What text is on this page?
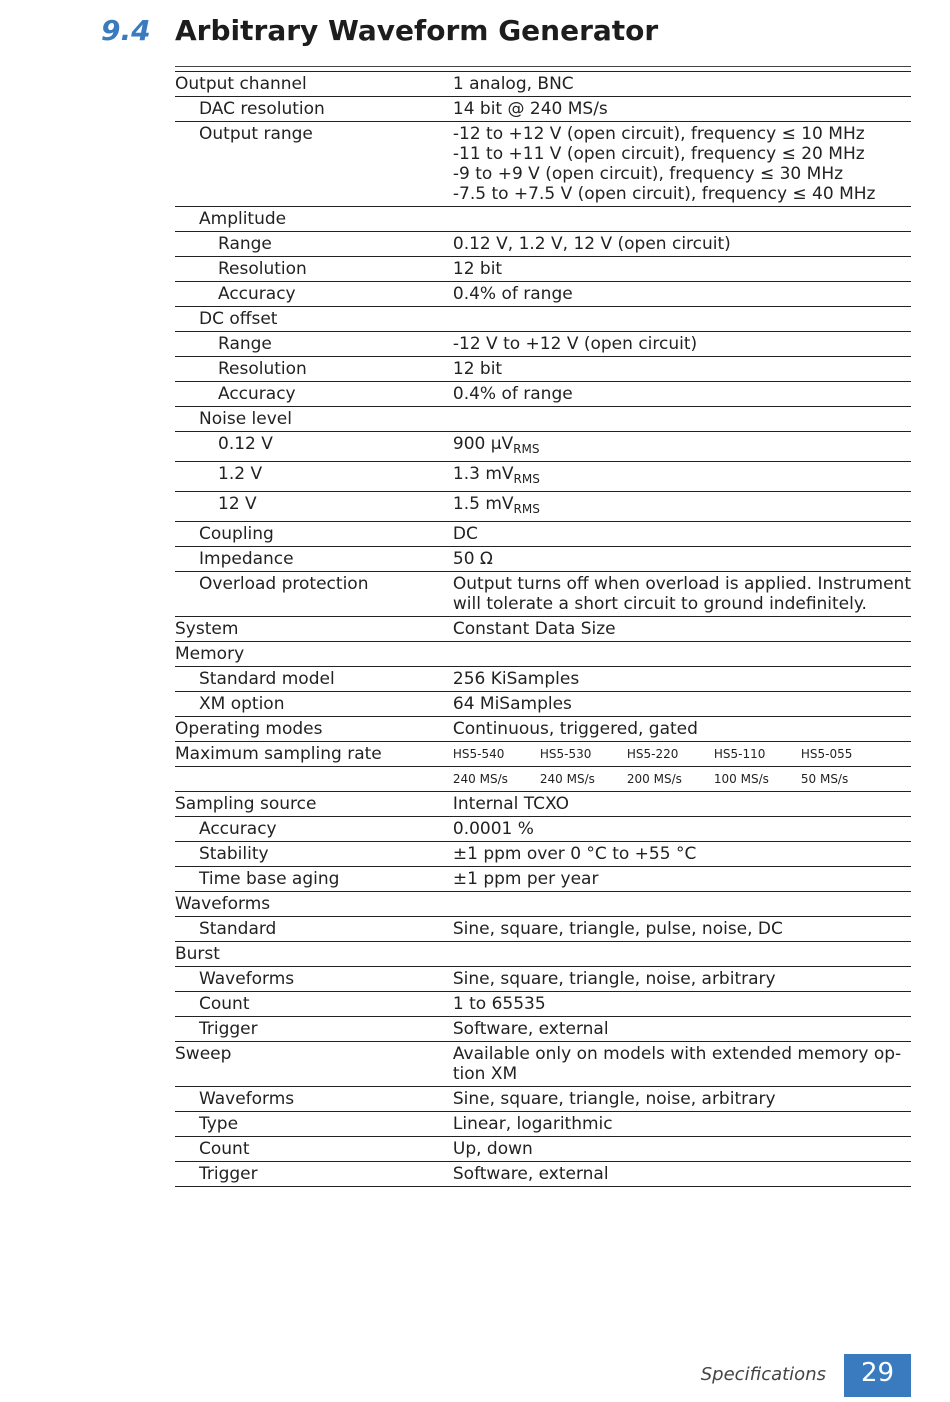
9.4 Arbitrary Waveform Generator
Output channel	1 analog, BNC
DAC resolution	14 bit @ 240 MS/s
Output range	-12 to +12 V (open circuit), frequency ≤ 10 MHz
-11 to +11 V (open circuit), frequency ≤ 20 MHz
-9 to +9 V (open circuit), frequency ≤ 30 MHz
-7.5 to +7.5 V (open circuit), frequency ≤ 40 MHz

Amplitude	
Range	0.12 V, 1.2 V, 12 V (open circuit)
Resolution	12 bit
Accuracy	0.4% of range
DC offset	
Range	-12 V to +12 V (open circuit)
Resolution	12 bit
Accuracy	0.4% of range
Noise level	
0.12 V	900 $\mu V_{RMS}$
1.2 V	1.3 $mV_{RMS}$
12 V	1.5 $mV_{RMS}$
Coupling	DC
Impedance	50 Ω
Overload protection	Output turns off when overload is applied. Instrument
will tolerate a short circuit to ground indefinitely.

System	Constant Data Size
Memory	
Standard model	256 KiSamples
XM option	64 MiSamples
Operating modes	Continuous, triggered, gated
Maximum sampling rate	HS5-540 HS5-530 HS5-220 HS5-110 HS5-055

	240 MS/s 240 MS/s 200 MS/s 100 MS/s 50 MS/s

Sampling source	Internal TCXO
Accuracy	0.0001 %
Stability	±1 ppm over 0 °C to +55 °C
Time base aging	±1 ppm per year
Waveforms	
Standard	Sine, square, triangle, pulse, noise, DC
Burst	
Waveforms	Sine, square, triangle, noise, arbitrary
Count	1 to 65535
Trigger	Software, external
Sweep	Available only on models with extended memory op-
tion XM

Waveforms	Sine, square, triangle, noise, arbitrary
Type	Linear, logarithmic
Count	Up, down
Trigger	Software, external
Specifications	29
